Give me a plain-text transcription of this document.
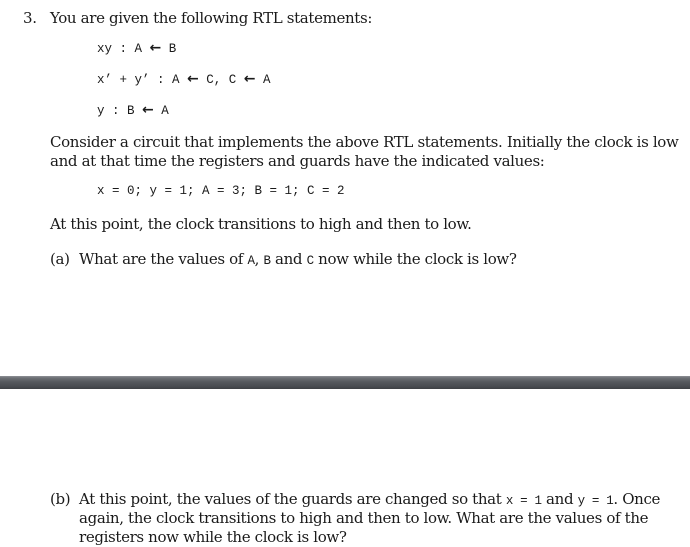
3. You are given the following RTL statements:
xy : A ← B
x’ + y’ : A ← C, C ← A
y : B ← A
Consider a circuit that implements the above RTL statements. Initially the clock is low and at that time the registers and guards have the indicated values:
x = 0; y = 1; A = 3; B = 1; C = 2
At this point, the clock transitions to high and then to low.
(a) What are the values of A, B and C now while the clock is low?
(b) At this point, the values of the guards are changed so that x = 1 and y = 1. Once again, the clock transitions to high and then to low. What are the values of the registers now while the clock is low?
